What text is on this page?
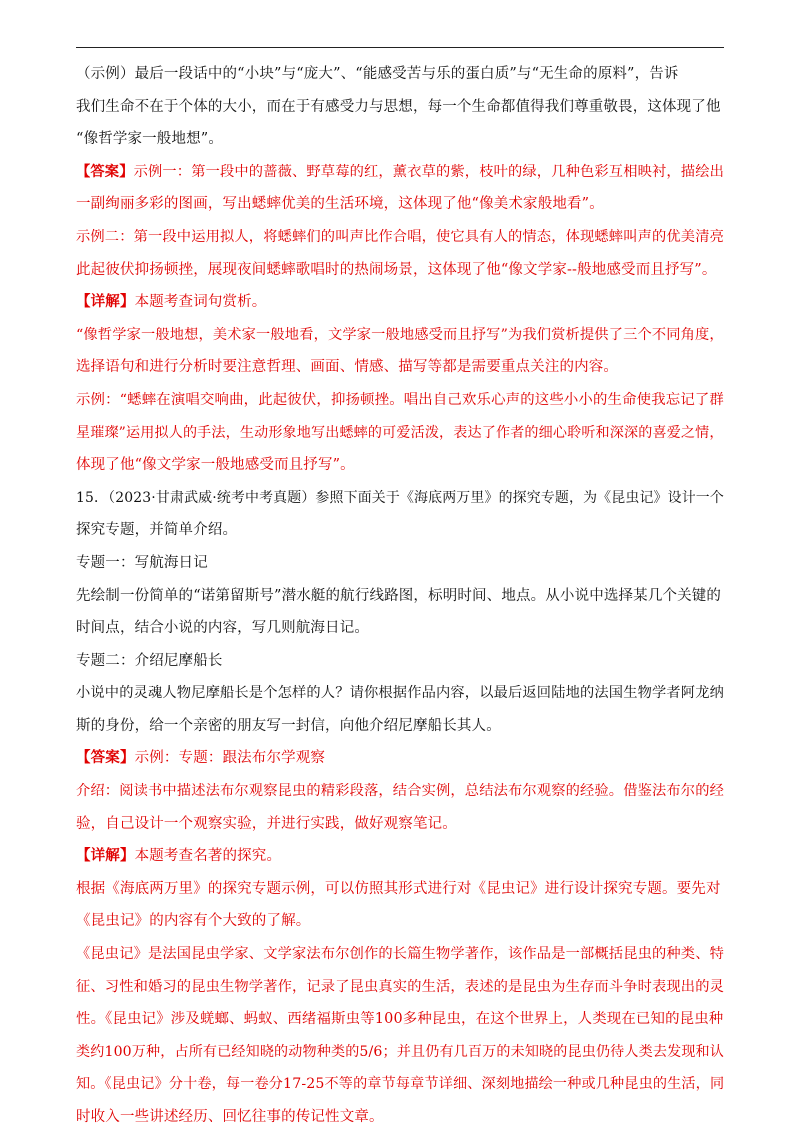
（示例）最后一段话中的“小块”与“庞大”、“能感受苦与乐的蛋白质”与“无生命的原料”，告诉
我们生命不在于个体的大小，而在于有感受力与思想，每一个生命都值得我们尊重敬畏，这体现了他
“像哲学家一般地想”。
【答案】示例一：第一段中的蔷薇、野草莓的红，薰衣草的紫，枝叶的绿，几种色彩互相映衬，描绘出
一副绚丽多彩的图画，写出蟋蟀优美的生活环境，这体现了他“像美术家般地看”。
示例二：第一段中运用拟人，将蟋蟀们的叫声比作合唱，使它具有人的情态，体现蟋蟀叫声的优美清亮
此起彼伏抑扬顿挫，展现夜间蟋蟀歌唱时的热闹场景，这体现了他“像文学家--般地感受而且抒写”。
【详解】本题考查词句赏析。
“像哲学家一般地想，美术家一般地看，文学家一般地感受而且抒写”为我们赏析提供了三个不同角度，
选择语句和进行分析时要注意哲理、画面、情感、描写等都是需要重点关注的内容。
示例：“蟋蟀在演唱交响曲，此起彼伏，抑扬顿挫。唱出自己欢乐心声的这些小小的生命使我忘记了群
星璀璨”运用拟人的手法，生动形象地写出蟋蟀的可爱活泼，表达了作者的细心聆听和深深的喜爱之情，
体现了他“像文学家一般地感受而且抒写”。
15．（2023·甘肃武威·统考中考真题）参照下面关于《海底两万里》的探究专题，为《昆虫记》设计一个
探究专题，并简单介绍。
专题一：写航海日记
先绘制一份简单的“诺第留斯号”潜水艇的航行线路图，标明时间、地点。从小说中选择某几个关键的
时间点，结合小说的内容，写几则航海日记。
专题二：介绍尼摩船长
小说中的灵魂人物尼摩船长是个怎样的人？请你根据作品内容，以最后返回陆地的法国生物学者阿龙纳
斯的身份，给一个亲密的朋友写一封信，向他介绍尼摩船长其人。
【答案】示例：专题：跟法布尔学观察
介绍：阅读书中描述法布尔观察昆虫的精彩段落，结合实例，总结法布尔观察的经验。借鉴法布尔的经
验，自己设计一个观察实验，并进行实践，做好观察笔记。
【详解】本题考查名著的探究。
根据《海底两万里》的探究专题示例，可以仿照其形式进行对《昆虫记》进行设计探究专题。要先对
《昆虫记》的内容有个大致的了解。
《昆虫记》是法国昆虫学家、文学家法布尔创作的长篇生物学著作，该作品是一部概括昆虫的种类、特
征、习性和婚习的昆虫生物学著作，记录了昆虫真实的生活，表述的是昆虫为生存而斗争时表现出的灵
性。《昆虫记》涉及蜣螂、蚂蚁、西绪福斯虫等100多种昆虫，在这个世界上，人类现在已知的昆虫种
类约100万种，占所有已经知晓的动物种类的5/6；并且仍有几百万的未知晓的昆虫仍待人类去发现和认
知。《昆虫记》分十卷，每一卷分17-25不等的章节每章节详细、深刻地描绘一种或几种昆虫的生活，同
时收入一些讲述经历、回忆往事的传记性文章。
